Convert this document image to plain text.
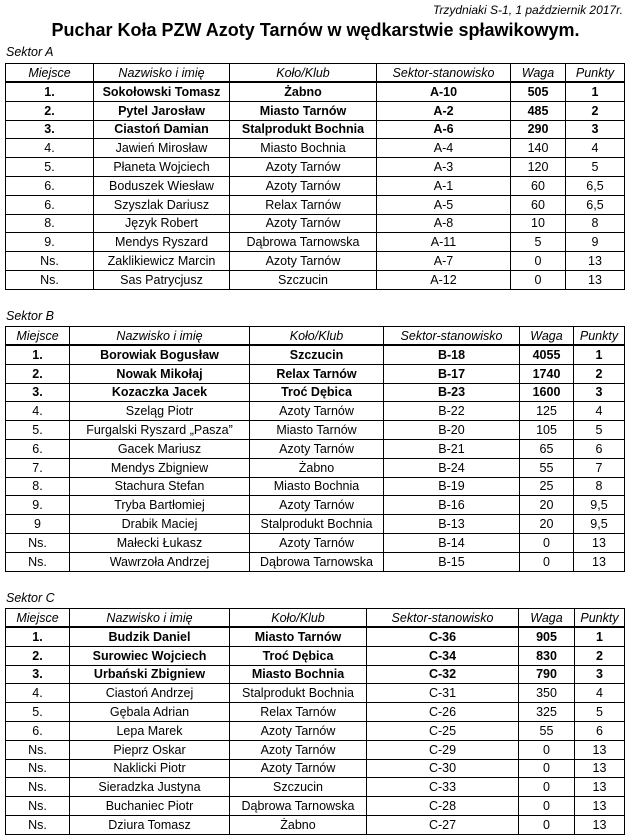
Trzydniaki S-1, 1 październik 2017r.
Puchar Koła PZW Azoty Tarnów w wędkarstwie spławikowym.
Sektor A
Miejsce	Nazwisko i imię	Koło/Klub	Sektor-stanowisko	Waga	Punkty
1.	Sokołowski Tomasz	Żabno	A-10	505	1
2.	Pytel Jarosław	Miasto Tarnów	A-2	485	2
3.	Ciastoń Damian	Stalprodukt Bochnia	A-6	290	3
4.	Jawień Mirosław	Miasto Bochnia	A-4	140	4
5.	Płaneta Wojciech	Azoty Tarnów	A-3	120	5
6.	Boduszek Wiesław	Azoty Tarnów	A-1	60	6,5
6.	Szyszlak Dariusz	Relax Tarnów	A-5	60	6,5
8.	Język Robert	Azoty Tarnów	A-8	10	8
9.	Mendys Ryszard	Dąbrowa Tarnowska	A-11	5	9
Ns.	Zaklikiewicz Marcin	Azoty Tarnów	A-7	0	13
Ns.	Sas Patrycjusz	Szczucin	A-12	0	13
Sektor B
Miejsce	Nazwisko i imię	Koło/Klub	Sektor-stanowisko	Waga	Punkty
1.	Borowiak Bogusław	Szczucin	B-18	4055	1
2.	Nowak Mikołaj	Relax Tarnów	B-17	1740	2
3.	Kozaczka Jacek	Troć Dębica	B-23	1600	3
4.	Szeląg Piotr	Azoty Tarnów	B-22	125	4
5.	Furgalski Ryszard „Pasza”	Miasto Tarnów	B-20	105	5
6.	Gacek Mariusz	Azoty Tarnów	B-21	65	6
7.	Mendys Zbigniew	Żabno	B-24	55	7
8.	Stachura Stefan	Miasto Bochnia	B-19	25	8
9.	Tryba Bartłomiej	Azoty Tarnów	B-16	20	9,5
9	Drabik Maciej	Stalprodukt Bochnia	B-13	20	9,5
Ns.	Małecki Łukasz	Azoty Tarnów	B-14	0	13
Ns.	Wawrzoła Andrzej	Dąbrowa Tarnowska	B-15	0	13
Sektor C
Miejsce	Nazwisko i imię	Koło/Klub	Sektor-stanowisko	Waga	Punkty
1.	Budzik Daniel	Miasto Tarnów	C-36	905	1
2.	Surowiec Wojciech	Troć Dębica	C-34	830	2
3.	Urbański Zbigniew	Miasto Bochnia	C-32	790	3
4.	Ciastoń Andrzej	Stalprodukt Bochnia	C-31	350	4
5.	Gębala Adrian	Relax Tarnów	C-26	325	5
6.	Lepa Marek	Azoty Tarnów	C-25	55	6
Ns.	Pieprz Oskar	Azoty Tarnów	C-29	0	13
Ns.	Naklicki Piotr	Azoty Tarnów	C-30	0	13
Ns.	Sieradzka Justyna	Szczucin	C-33	0	13
Ns.	Buchaniec Piotr	Dąbrowa Tarnowska	C-28	0	13
Ns.	Dziura Tomasz	Żabno	C-27	0	13
